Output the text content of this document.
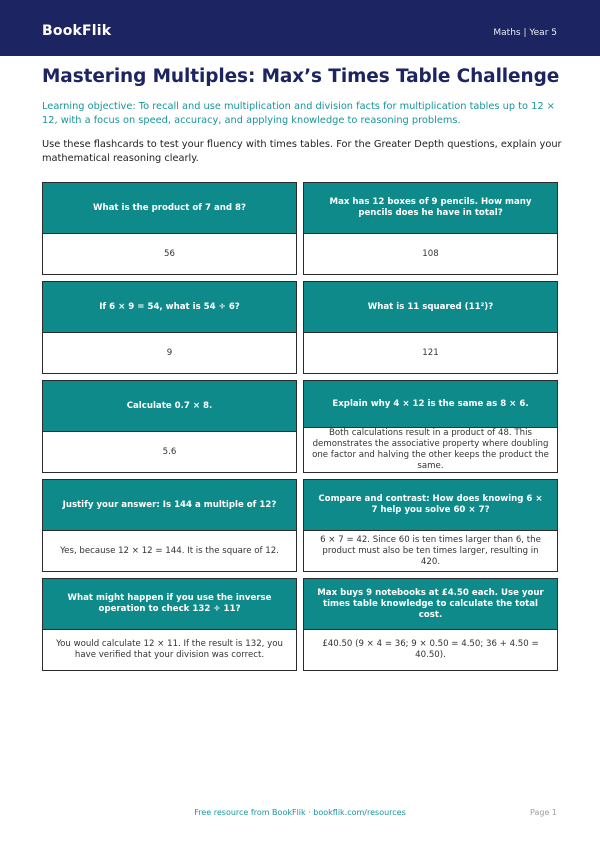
BookFlik	Maths | Year 5
Mastering Multiples: Max’s Times Table Challenge

Learning objective: To recall and use multiplication and division facts for multiplication tables up to 12 × 12, with a focus on speed, accuracy, and applying knowledge to reasoning problems.

Use these flashcards to test your fluency with times tables. For the Greater Depth questions, explain your mathematical reasoning clearly.

What is the product of 7 and 8?
56
Max has 12 boxes of 9 pencils. How many pencils does he have in total?
108
If 6 × 9 = 54, what is 54 ÷ 6?
9
What is 11 squared (11²)?
121
Calculate 0.7 × 8.
5.6
Explain why 4 × 12 is the same as 8 × 6.
Both calculations result in a product of 48. This demonstrates the associative property where doubling one factor and halving the other keeps the product the same.
Justify your answer: Is 144 a multiple of 12?
Yes, because 12 × 12 = 144. It is the square of 12.
Compare and contrast: How does knowing 6 × 7 help you solve 60 × 7?
6 × 7 = 42. Since 60 is ten times larger than 6, the product must also be ten times larger, resulting in 420.
What might happen if you use the inverse operation to check 132 ÷ 11?
You would calculate 12 × 11. If the result is 132, you have verified that your division was correct.
Max buys 9 notebooks at £4.50 each. Use your times table knowledge to calculate the total cost.
£40.50 (9 × 4 = 36; 9 × 0.50 = 4.50; 36 + 4.50 = 40.50).
Free resource from BookFlik · bookflik.com/resources	Page 1
